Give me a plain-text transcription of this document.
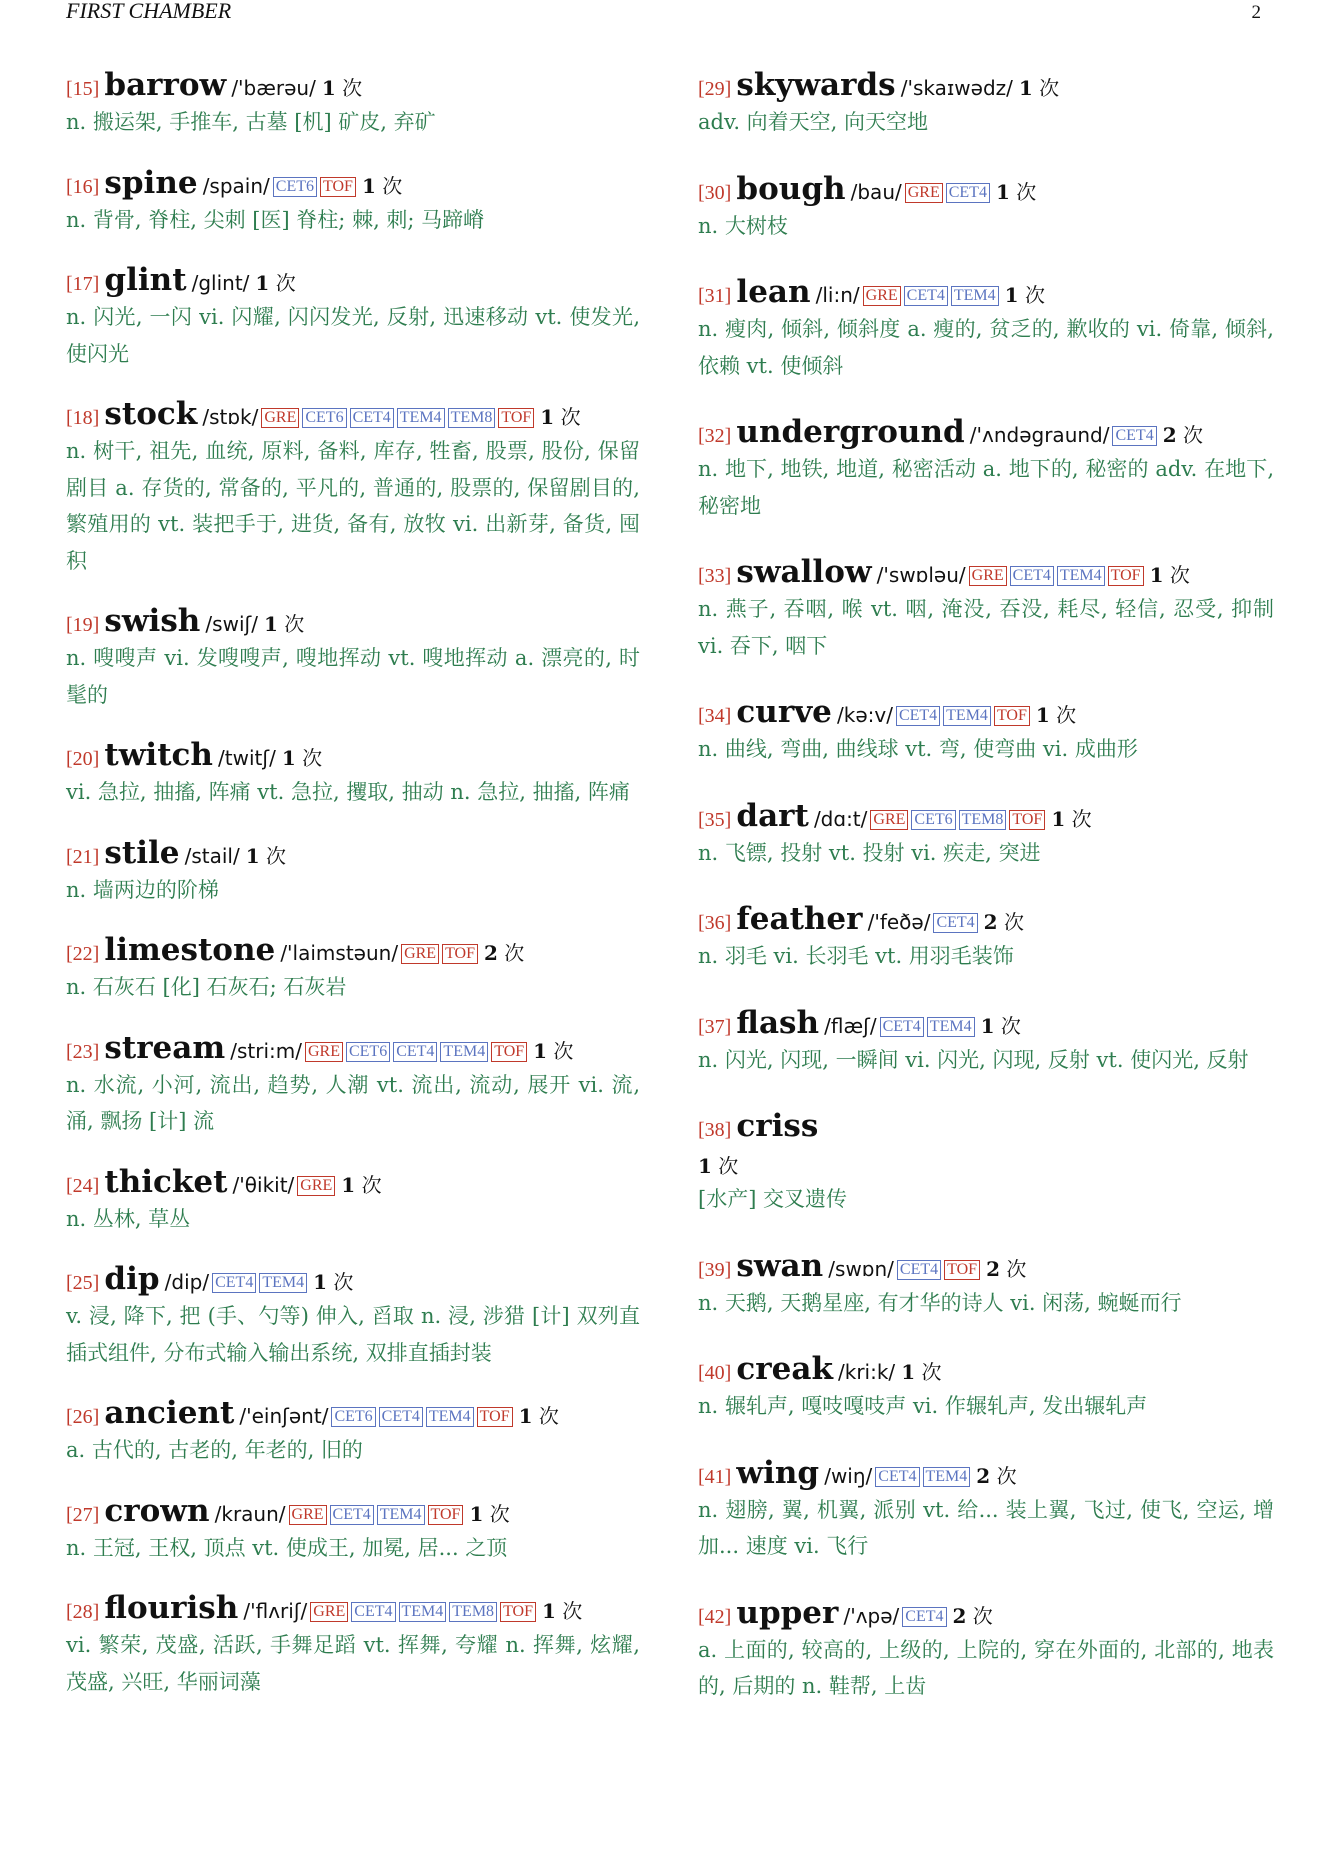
FIRST CHAMBER	2
[15] barrow /'bærəu/ 1 次
n. 搬运架, 手推车, 古墓 [机] 矿皮, 弃矿
[16] spine /spain/ CET6 TOF 1 次
n. 背骨, 脊柱, 尖刺 [医] 脊柱; 棘, 刺; 马蹄嵴
[17] glint /glint/ 1 次
n. 闪光, 一闪 vi. 闪耀, 闪闪发光, 反射, 迅速移动 vt. 使发光, 使闪光
[18] stock /stɒk/ GRE CET6 CET4 TEM4 TEM8 TOF 1 次
n. 树干, 祖先, 血统, 原料, 备料, 库存, 牲畜, 股票, 股份, 保留剧目 a. 存货的, 常备的, 平凡的, 普通的, 股票的, 保留剧目的, 繁殖用的 vt. 装把手于, 进货, 备有, 放牧 vi. 出新芽, 备货, 囤积
[19] swish /swiʃ/ 1 次
n. 嗖嗖声 vi. 发嗖嗖声, 嗖地挥动 vt. 嗖地挥动 a. 漂亮的, 时髦的
[20] twitch /twitʃ/ 1 次
vi. 急拉, 抽搐, 阵痛 vt. 急拉, 攫取, 抽动 n. 急拉, 抽搐, 阵痛
[21] stile /stail/ 1 次
n. 墙两边的阶梯
[22] limestone /'laimstəun/ GRE TOF 2 次
n. 石灰石 [化] 石灰石; 石灰岩
[23] stream /stri:m/ GRE CET6 CET4 TEM4 TOF 1 次
n. 水流, 小河, 流出, 趋势, 人潮 vt. 流出, 流动, 展开 vi. 流, 涌, 飘扬 [计] 流
[24] thicket /'θikit/ GRE 1 次
n. 丛林, 草丛
[25] dip /dip/ CET4 TEM4 1 次
v. 浸, 降下, 把 (手、勺等) 伸入, 舀取 n. 浸, 涉猎 [计] 双列直插式组件, 分布式输入输出系统, 双排直插封装
[26] ancient /'einʃənt/ CET6 CET4 TEM4 TOF 1 次
a. 古代的, 古老的, 年老的, 旧的
[27] crown /kraun/ GRE CET4 TEM4 TOF 1 次
n. 王冠, 王权, 顶点 vt. 使成王, 加冕, 居... 之顶
[28] flourish /'flʌriʃ/ GRE CET4 TEM4 TEM8 TOF 1 次
vi. 繁荣, 茂盛, 活跃, 手舞足蹈 vt. 挥舞, 夸耀 n. 挥舞, 炫耀, 茂盛, 兴旺, 华丽词藻
[29] skywards /'skaɪwədz/ 1 次
adv. 向着天空, 向天空地
[30] bough /bau/ GRE CET4 1 次
n. 大树枝
[31] lean /li:n/ GRE CET4 TEM4 1 次
n. 瘦肉, 倾斜, 倾斜度 a. 瘦的, 贫乏的, 歉收的 vi. 倚靠, 倾斜, 依赖 vt. 使倾斜
[32] underground /'ʌndəgraund/ CET4 2 次
n. 地下, 地铁, 地道, 秘密活动 a. 地下的, 秘密的 adv. 在地下, 秘密地
[33] swallow /'swɒləu/ GRE CET4 TEM4 TOF 1 次
n. 燕子, 吞咽, 喉 vt. 咽, 淹没, 吞没, 耗尽, 轻信, 忍受, 抑制 vi. 吞下, 咽下
[34] curve /kə:v/ CET4 TEM4 TOF 1 次
n. 曲线, 弯曲, 曲线球 vt. 弯, 使弯曲 vi. 成曲形
[35] dart /dɑ:t/ GRE CET6 TEM8 TOF 1 次
n. 飞镖, 投射 vt. 投射 vi. 疾走, 突进
[36] feather /'feðə/ CET4 2 次
n. 羽毛 vi. 长羽毛 vt. 用羽毛装饰
[37] flash /flæʃ/ CET4 TEM4 1 次
n. 闪光, 闪现, 一瞬间 vi. 闪光, 闪现, 反射 vt. 使闪光, 反射
[38] criss
1 次
[水产] 交叉遗传
[39] swan /swɒn/ CET4 TOF 2 次
n. 天鹅, 天鹅星座, 有才华的诗人 vi. 闲荡, 蜿蜒而行
[40] creak /kri:k/ 1 次
n. 辗轧声, 嘎吱嘎吱声 vi. 作辗轧声, 发出辗轧声
[41] wing /wiŋ/ CET4 TEM4 2 次
n. 翅膀, 翼, 机翼, 派别 vt. 给... 装上翼, 飞过, 使飞, 空运, 增加... 速度 vi. 飞行
[42] upper /'ʌpə/ CET4 2 次
a. 上面的, 较高的, 上级的, 上院的, 穿在外面的, 北部的, 地表的, 后期的 n. 鞋帮, 上齿
